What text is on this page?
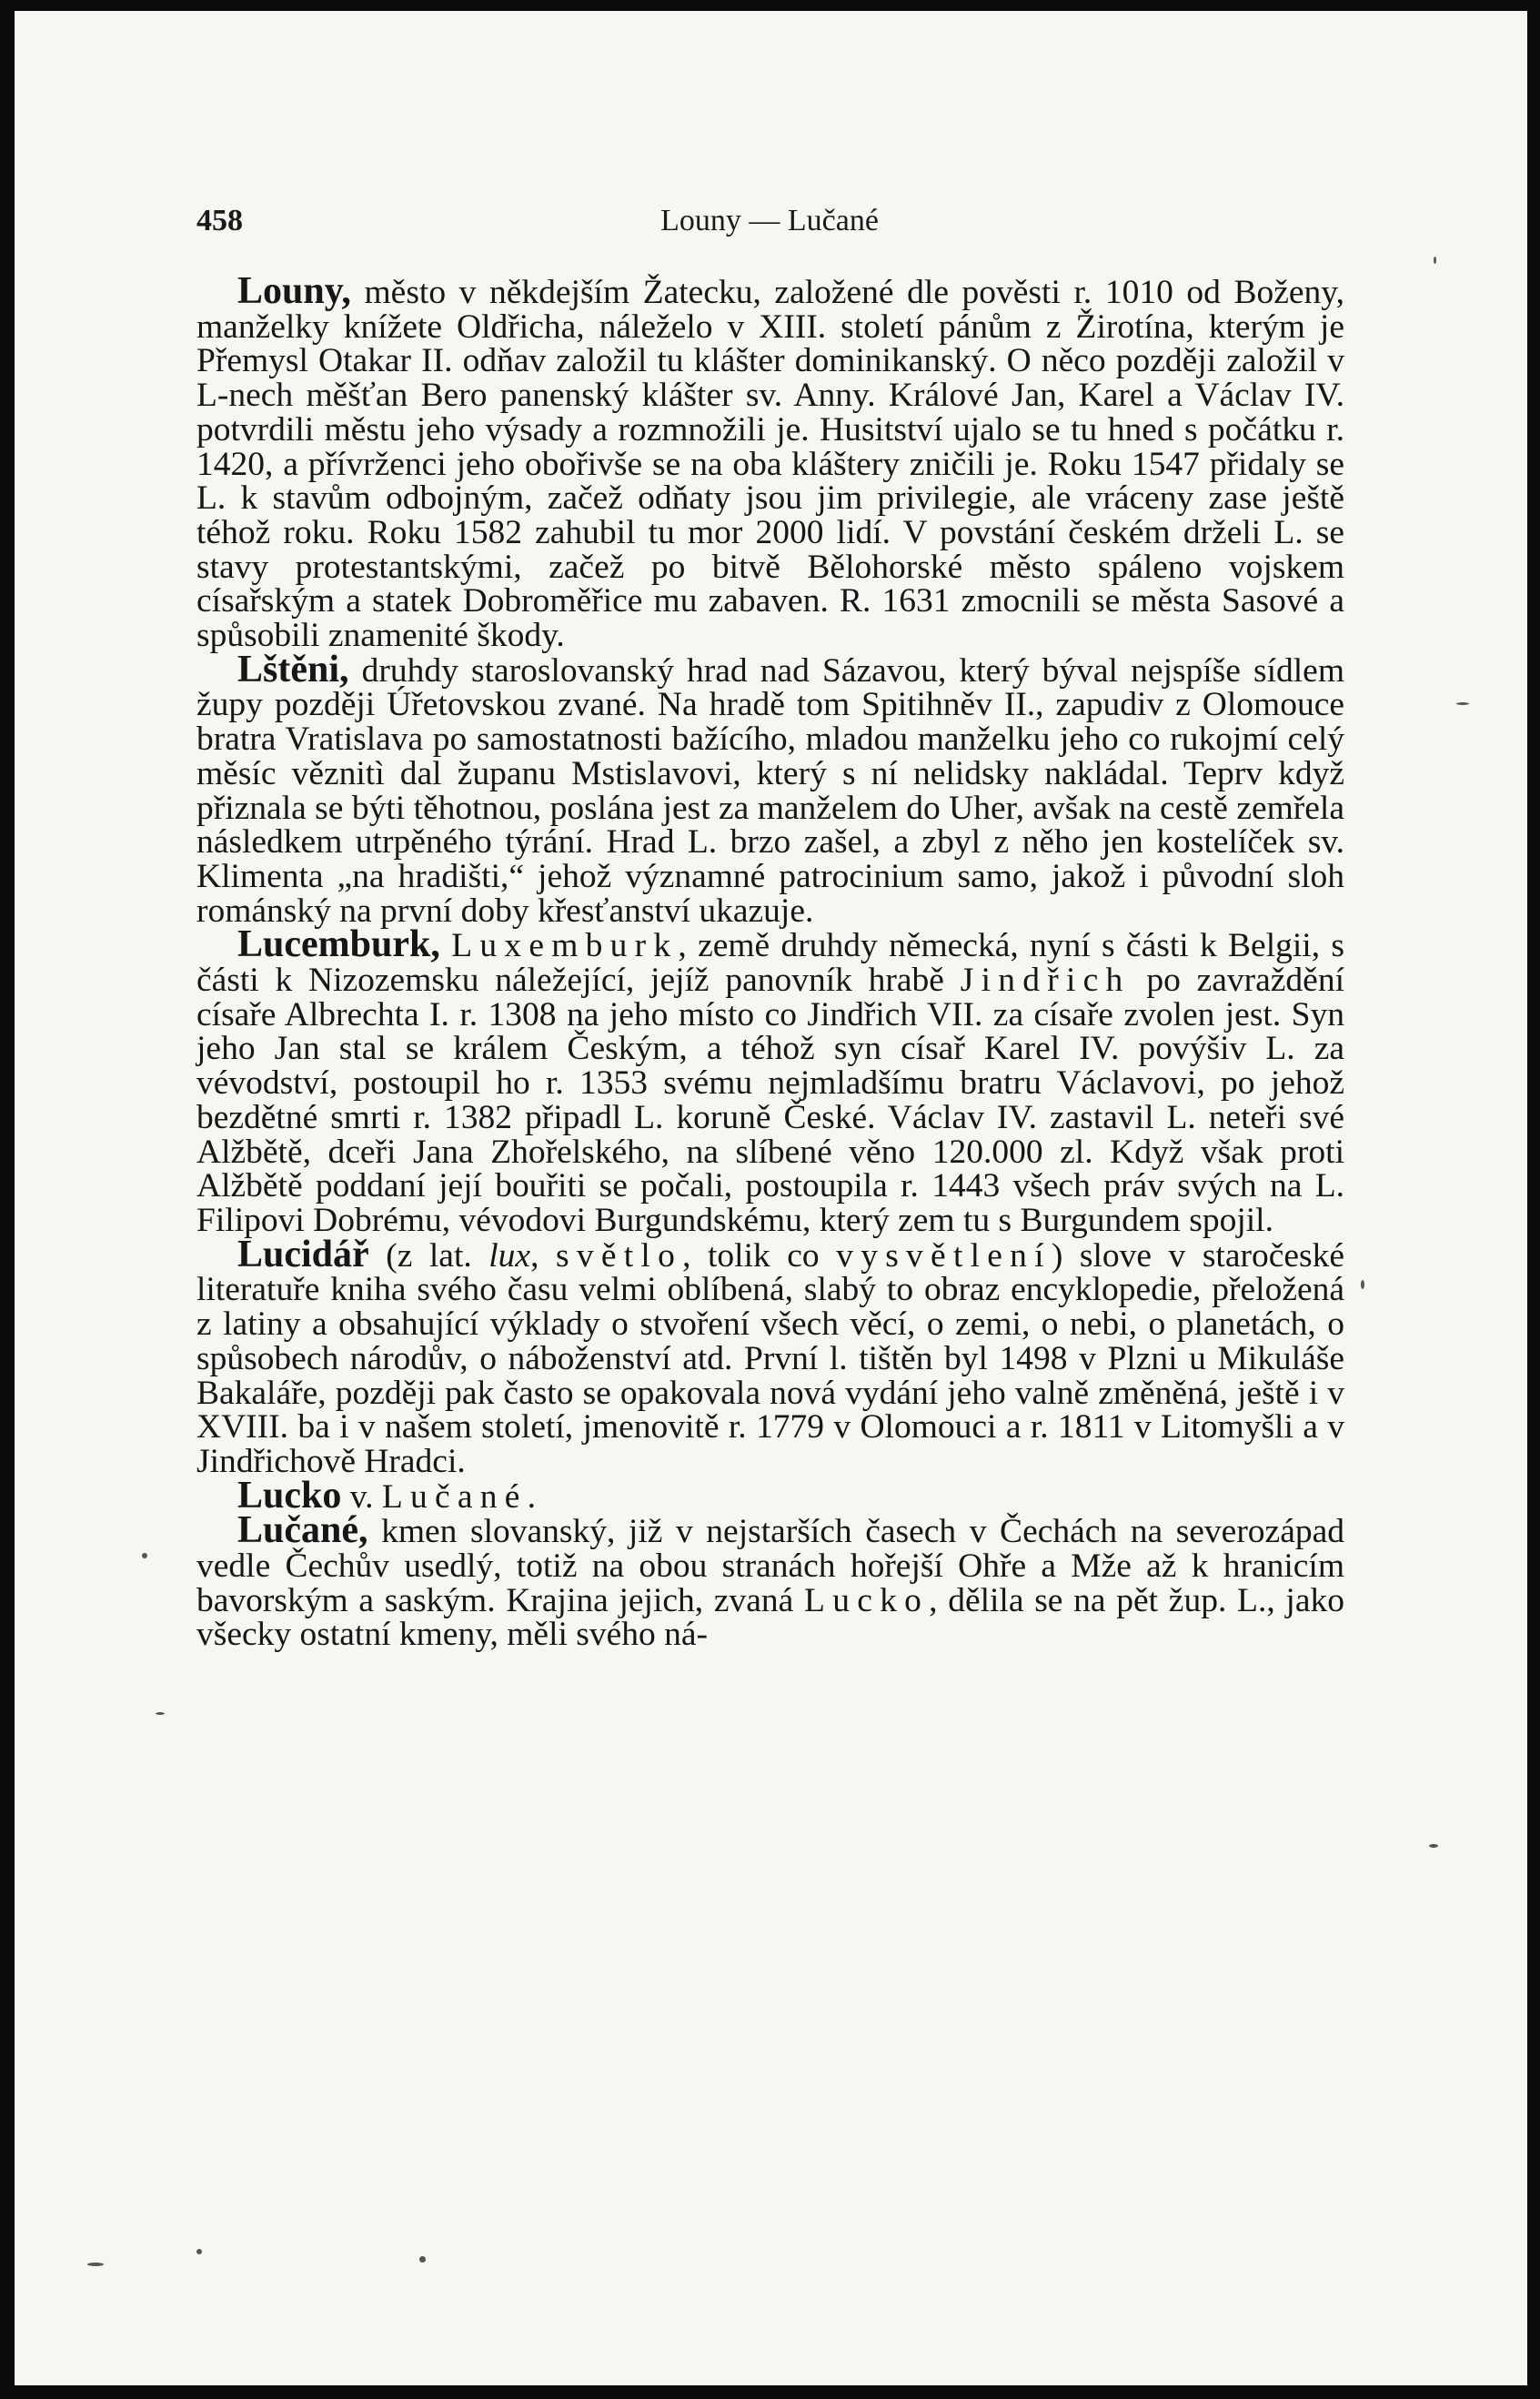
458	Louny — Lučané

Louny, město v někdejším Žatecku, založené dle pověsti r. 1010 od Boženy, manželky knížete Oldřicha, náleželo v XIII. století pánům z Žirotína, kterým je Přemysl Otakar II. odňav založil tu klášter dominikanský. O něco později založil v L-nech měšťan Bero panenský klášter sv. Anny. Králové Jan, Karel a Václav IV. potvrdili městu jeho výsady a rozmnožili je. Husitství ujalo se tu hned s počátku r. 1420, a přívrženci jeho obořivše se na oba kláštery zničili je. Roku 1547 přidaly se L. k stavům odbojným, začež odňaty jsou jim privilegie, ale vráceny zase ještě téhož roku. Roku 1582 zahubil tu mor 2000 lidí. V povstání českém drželi L. se stavy protestantskými, začež po bitvě Bělohorské město spáleno vojskem císařským a statek Dobroměřice mu zabaven. R. 1631 zmocnili se města Sasové a spůsobili znamenité škody.

Lštěni, druhdy staroslovanský hrad nad Sázavou, který býval nejspíše sídlem župy později Úřetovskou zvané. Na hradě tom Spitihněv II., zapudiv z Olomouce bratra Vratislava po samostatnosti bažícího, mladou manželku jeho co rukojmí celý měsíc věznitì dal županu Mstislavovi, který s ní nelidsky nakládal. Teprv když přiznala se býti těhotnou, poslána jest za manželem do Uher, avšak na cestě zemřela následkem utrpěného týrání. Hrad L. brzo zašel, a zbyl z něho jen kostelíček sv. Klimenta „na hradišti,“ jehož významné patrocinium samo, jakož i původní sloh románský na první doby křesťanství ukazuje.

Lucemburk, Luxemburk, země druhdy německá, nyní s části k Belgii, s části k Nizozemsku náležející, jejíž panovník hrabě Jindřich po zavraždění císaře Albrechta I. r. 1308 na jeho místo co Jindřich VII. za císaře zvolen jest. Syn jeho Jan stal se králem Českým, a téhož syn císař Karel IV. povýšiv L. za vévodství, postoupil ho r. 1353 svému nejmladšímu bratru Václavovi, po jehož bezdětné smrti r. 1382 připadl L. koruně České. Václav IV. zastavil L. neteři své Alžbětě, dceři Jana Zhořelského, na slíbené věno 120.000 zl. Když však proti Alžbětě poddaní její bouřiti se počali, postoupila r. 1443 všech práv svých na L. Filipovi Dobrému, vévodovi Burgundskému, který zem tu s Burgundem spojil.

Lucidář (z lat. lux, světlo, tolik co vysvětlení) slove v staročeské literatuře kniha svého času velmi oblíbená, slabý to obraz encyklopedie, přeložená z latiny a obsahující výklady o stvoření všech věcí, o zemi, o nebi, o planetách, o spůsobech národův, o náboženství atd. První l. tištěn byl 1498 v Plzni u Mikuláše Bakaláře, později pak často se opakovala nová vydání jeho valně změněná, ještě i v XVIII. ba i v našem století, jmenovitě r. 1779 v Olomouci a r. 1811 v Litomyšli a v Jindřichově Hradci.

Lucko v. Lučané.

Lučané, kmen slovanský, již v nejstarších časech v Čechách na severozápad vedle Čechův usedlý, totiž na obou stranách hořejší Ohře a Mže až k hranicím bavorským a saským. Krajina jejich, zvaná Lucko, dělila se na pět žup. L., jako všecky ostatní kmeny, měli svého ná-
